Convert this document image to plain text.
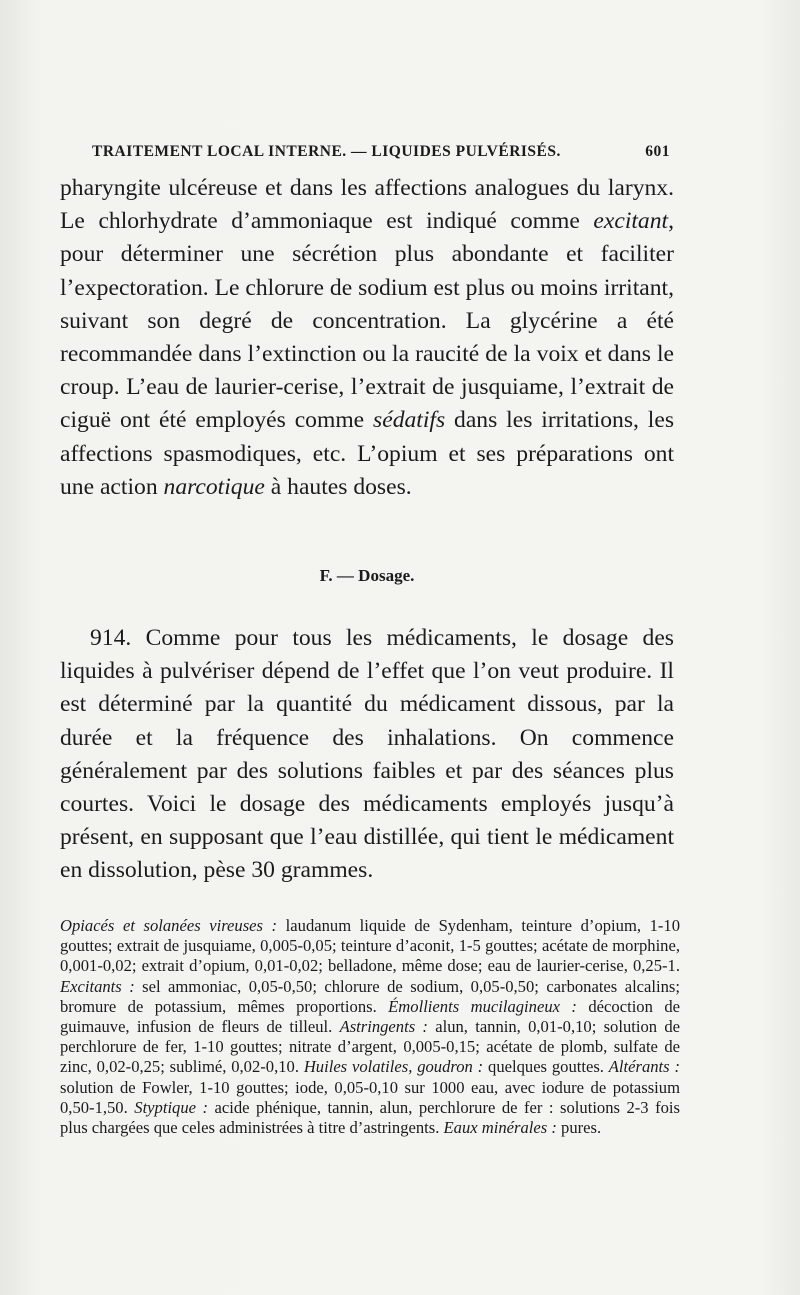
TRAITEMENT LOCAL INTERNE. — LIQUIDES PULVÉRISÉS.	601

pharyngite ulcéreuse et dans les affections analogues du larynx. Le chlorhydrate d’ammoniaque est indiqué comme excitant, pour déterminer une sécrétion plus abondante et faciliter l’expectoration. Le chlorure de sodium est plus ou moins irritant, suivant son degré de concentration. La glycérine a été recommandée dans l’extinction ou la raucité de la voix et dans le croup. L’eau de laurier-cerise, l’extrait de jusquiame, l’extrait de ciguë ont été employés comme sédatifs dans les irritations, les affections spasmodiques, etc. L’opium et ses préparations ont une action narcotique à hautes doses.

F. — Dosage.
914. Comme pour tous les médicaments, le dosage des liquides à pulvériser dépend de l’effet que l’on veut produire. Il est déterminé par la quantité du médicament dissous, par la durée et la fréquence des inhalations. On commence généralement par des solutions faibles et par des séances plus courtes. Voici le dosage des médicaments employés jusqu’à présent, en supposant que l’eau distillée, qui tient le médicament en dissolution, pèse 30 grammes.
Opiacés et solanées vireuses : laudanum liquide de Sydenham, teinture d’opium, 1-10 gouttes; extrait de jusquiame, 0,005-0,05; teinture d’aconit, 1-5 gouttes; acétate de morphine, 0,001-0,02; extrait d’opium, 0,01-0,02; belladone, même dose; eau de laurier-cerise, 0,25-1. Excitants : sel ammoniac, 0,05-0,50; chlorure de sodium, 0,05-0,50; carbonates alcalins; bromure de potassium, mêmes proportions. Émollients mucilagineux : décoction de guimauve, infusion de fleurs de tilleul. Astringents : alun, tannin, 0,01-0,10; solution de perchlorure de fer, 1-10 gouttes; nitrate d’argent, 0,005-0,15; acétate de plomb, sulfate de zinc, 0,02-0,25; sublimé, 0,02-0,10. Huiles volatiles, goudron : quelques gouttes. Altérants : solution de Fowler, 1-10 gouttes; iode, 0,05-0,10 sur 1000 eau, avec iodure de potassium 0,50-1,50. Styptique : acide phénique, tannin, alun, perchlorure de fer : solutions 2-3 fois plus chargées que celes administrées à titre d’astringents. Eaux minérales : pures.
